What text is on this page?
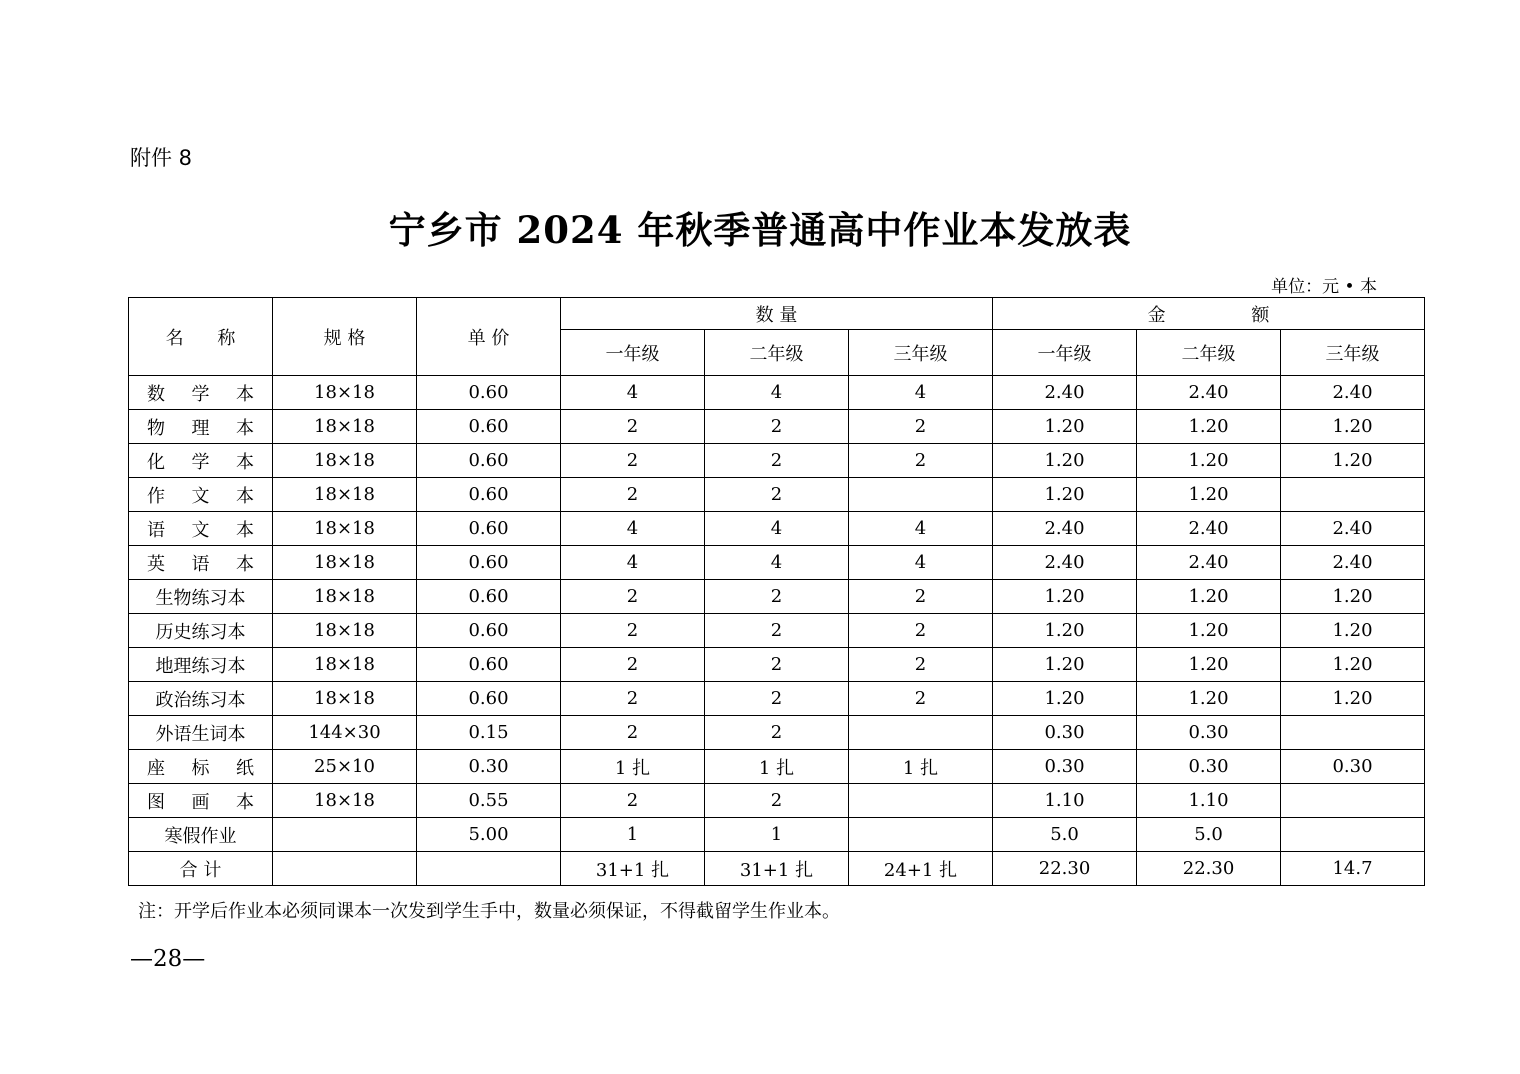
附件 8
宁乡市 2024 年秋季普通高中作业本发放表
单位：元 • 本
名 称	规 格	单 价	数 量			金 额		
			一年级	二年级	三年级	一年级	二年级	三年级

数 学 本	18×18	0.60	4	4	4	2.40	2.40	2.40

物 理 本	18×18	0.60	2	2	2	1.20	1.20	1.20

化 学 本	18×18	0.60	2	2	2	1.20	1.20	1.20

作 文 本	18×18	0.60	2	2		1.20	1.20	

语 文 本	18×18	0.60	4	4	4	2.40	2.40	2.40

英 语 本	18×18	0.60	4	4	4	2.40	2.40	2.40
生物练习本	18×18	0.60	2	2	2	1.20	1.20	1.20
历史练习本	18×18	0.60	2	2	2	1.20	1.20	1.20
地理练习本	18×18	0.60	2	2	2	1.20	1.20	1.20
政治练习本	18×18	0.60	2	2	2	1.20	1.20	1.20
外语生词本	144×30	0.15	2	2		0.30	0.30	

座 标 纸	25×10	0.30	1 扎	1 扎	1 扎	0.30	0.30	0.30

图 画 本	18×18	0.55	2	2		1.10	1.10	
寒假作业		5.00	1	1		5.0	5.0	
合 计			31+1 扎	31+1 扎	24+1 扎	22.30	22.30	14.7
注：开学后作业本必须同课本一次发到学生手中，数量必须保证，不得截留学生作业本。
—28—
